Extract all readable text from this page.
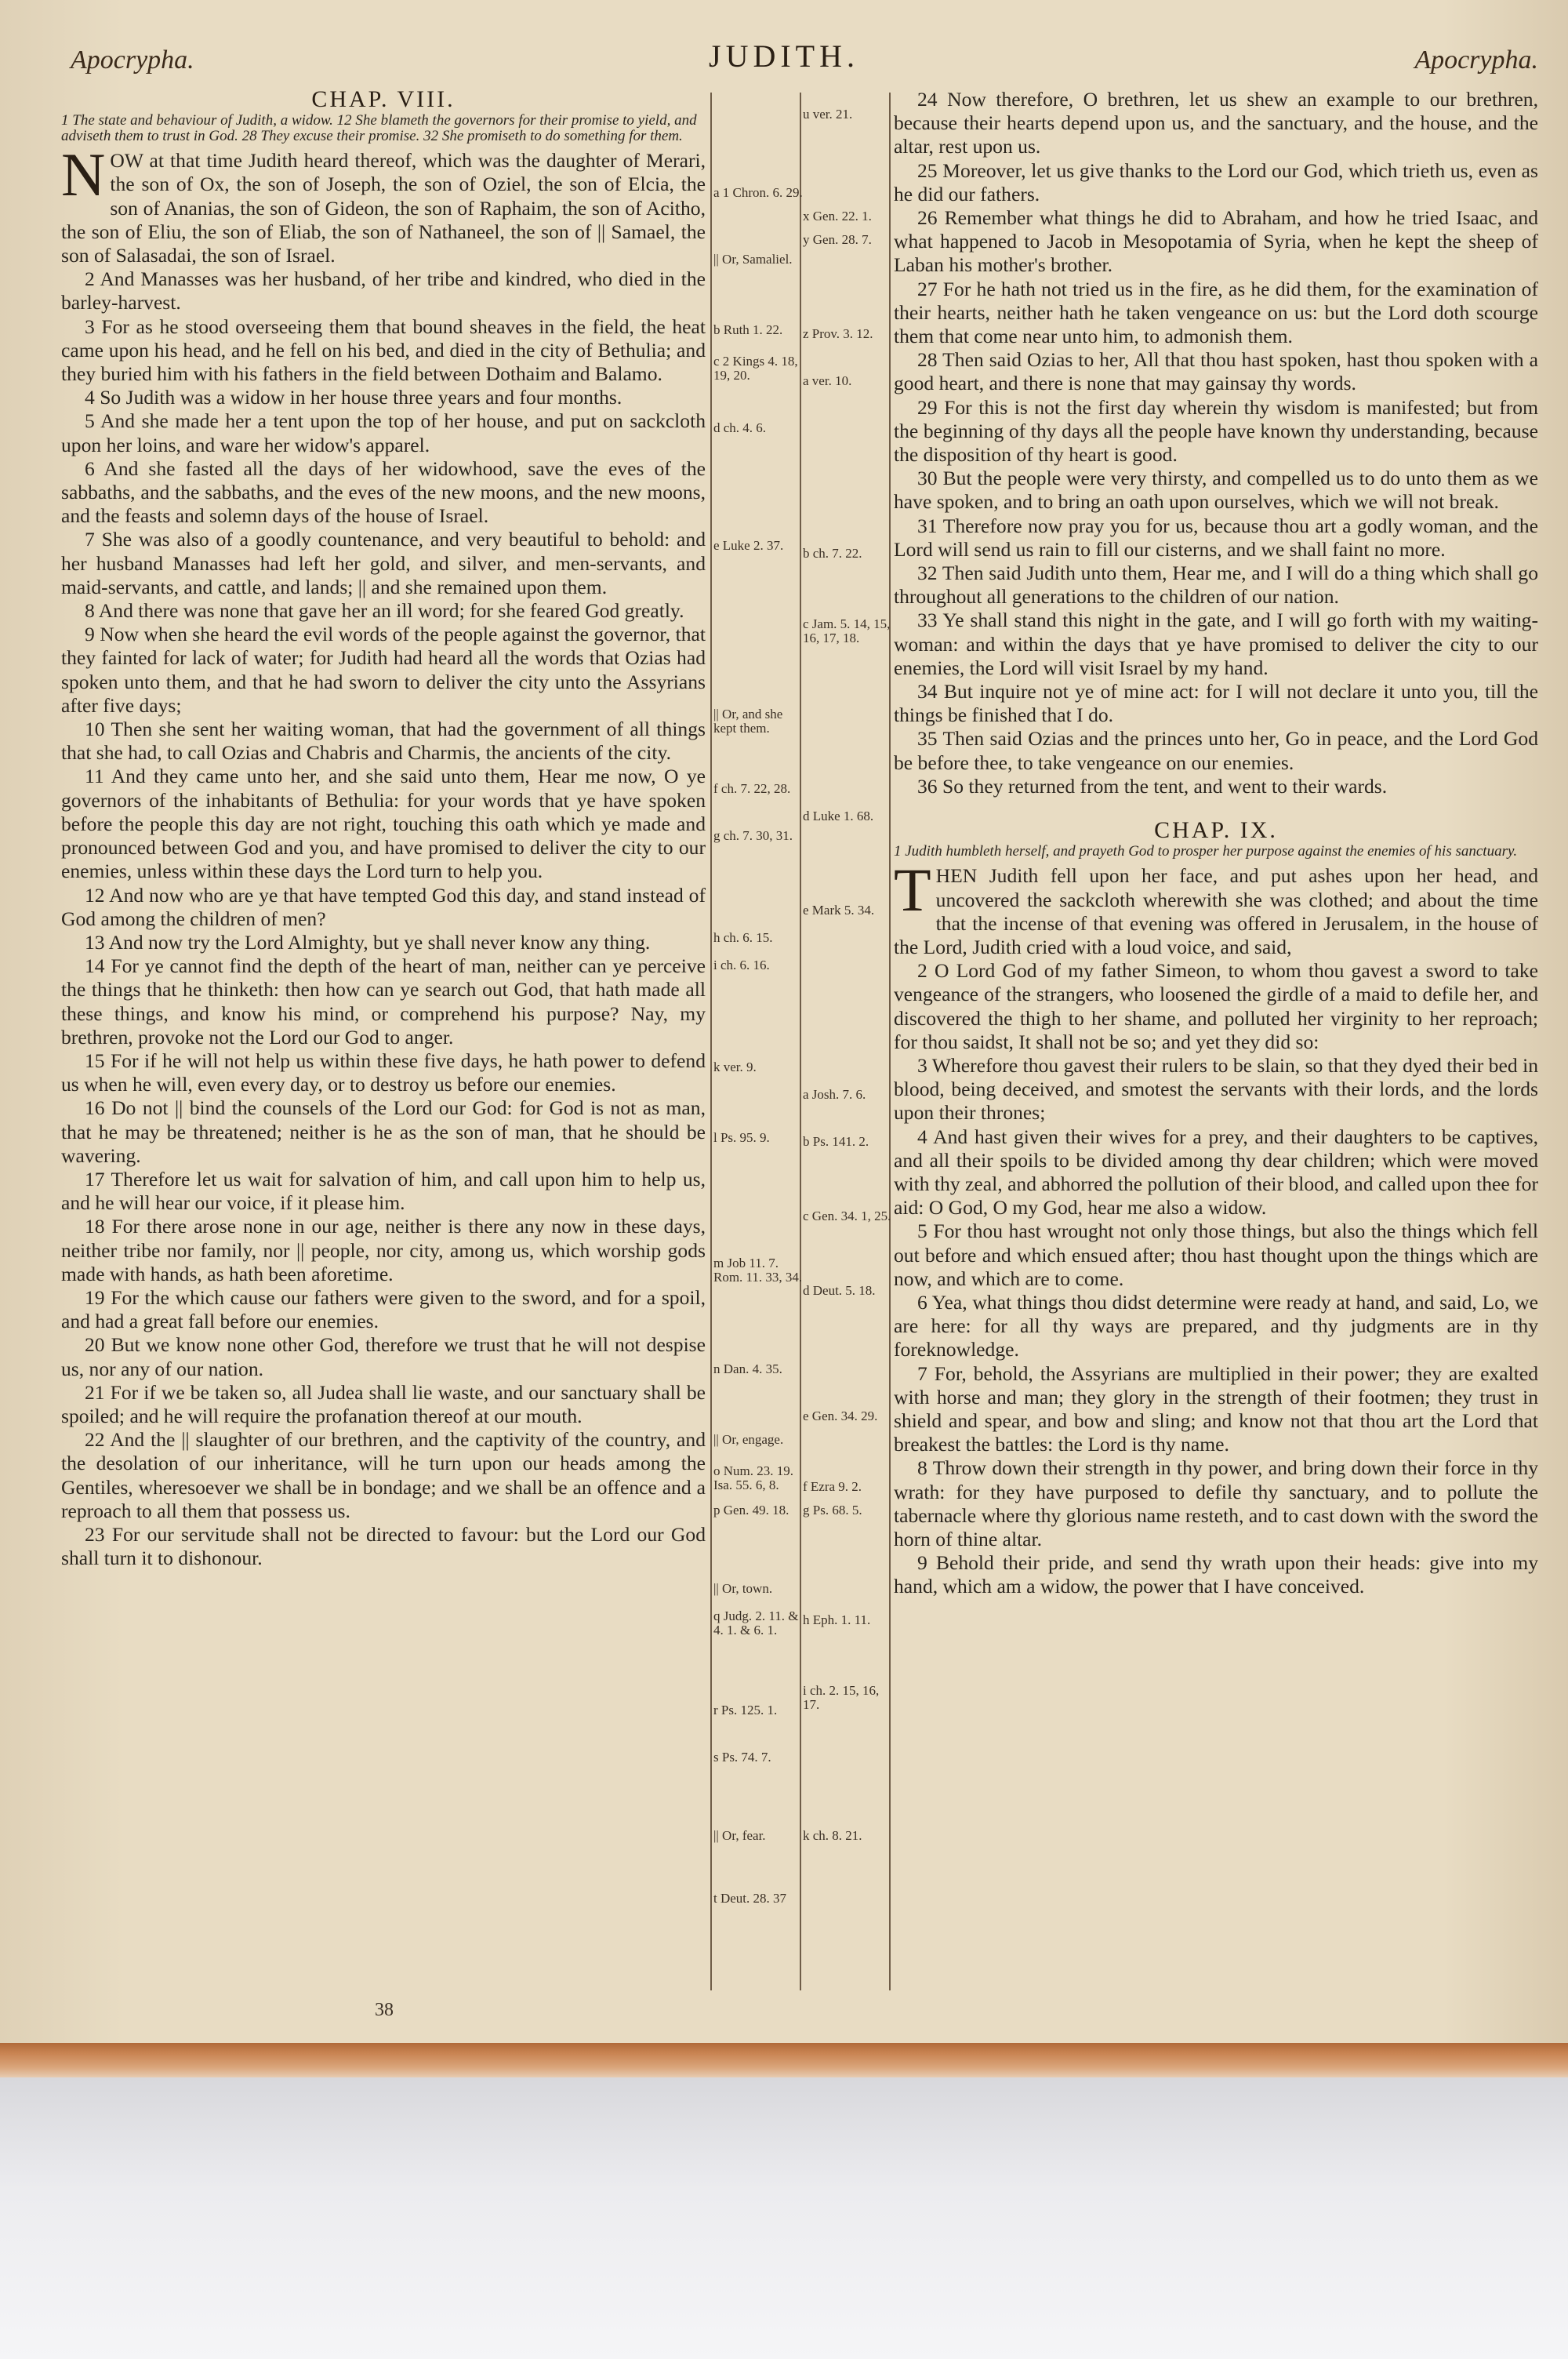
Apocrypha.	JUDITH.	Apocrypha.
CHAP. VIII.
1 The state and behaviour of Judith, a widow. 12 She blameth the governors for their promise to yield, and adviseth them to trust in God. 28 They excuse their promise. 32 She promiseth to do something for them.

NOW at that time Judith heard thereof, which was the daughter of Merari, the son of Ox, the son of Joseph, the son of Oziel, the son of Elcia, the son of Ananias, the son of Gideon, the son of Raphaim, the son of Acitho, the son of Eliu, the son of Eliab, the son of Nathaneel, the son of || Samael, the son of Salasadai, the son of Israel.

2 And Manasses was her husband, of her tribe and kindred, who died in the barley-harvest.

3 For as he stood overseeing them that bound sheaves in the field, the heat came upon his head, and he fell on his bed, and died in the city of Bethulia; and they buried him with his fathers in the field between Dothaim and Balamo.

4 So Judith was a widow in her house three years and four months.

5 And she made her a tent upon the top of her house, and put on sackcloth upon her loins, and ware her widow's apparel.

6 And she fasted all the days of her widowhood, save the eves of the sabbaths, and the sabbaths, and the eves of the new moons, and the new moons, and the feasts and solemn days of the house of Israel.

7 She was also of a goodly countenance, and very beautiful to behold: and her husband Manasses had left her gold, and silver, and men-servants, and maid-servants, and cattle, and lands; || and she remained upon them.

8 And there was none that gave her an ill word; for she feared God greatly.

9 Now when she heard the evil words of the people against the governor, that they fainted for lack of water; for Judith had heard all the words that Ozias had spoken unto them, and that he had sworn to deliver the city unto the Assyrians after five days;

10 Then she sent her waiting woman, that had the government of all things that she had, to call Ozias and Chabris and Charmis, the ancients of the city.

11 And they came unto her, and she said unto them, Hear me now, O ye governors of the inhabitants of Bethulia: for your words that ye have spoken before the people this day are not right, touching this oath which ye made and pronounced between God and you, and have promised to deliver the city to our enemies, unless within these days the Lord turn to help you.

12 And now who are ye that have tempted God this day, and stand instead of God among the children of men?

13 And now try the Lord Almighty, but ye shall never know any thing.

14 For ye cannot find the depth of the heart of man, neither can ye perceive the things that he thinketh: then how can ye search out God, that hath made all these things, and know his mind, or comprehend his purpose? Nay, my brethren, provoke not the Lord our God to anger.

15 For if he will not help us within these five days, he hath power to defend us when he will, even every day, or to destroy us before our enemies.

16 Do not || bind the counsels of the Lord our God: for God is not as man, that he may be threatened; neither is he as the son of man, that he should be wavering.

17 Therefore let us wait for salvation of him, and call upon him to help us, and he will hear our voice, if it please him.

18 For there arose none in our age, neither is there any now in these days, neither tribe nor family, nor || people, nor city, among us, which worship gods made with hands, as hath been aforetime.

19 For the which cause our fathers were given to the sword, and for a spoil, and had a great fall before our enemies.

20 But we know none other God, therefore we trust that he will not despise us, nor any of our nation.

21 For if we be taken so, all Judea shall lie waste, and our sanctuary shall be spoiled; and he will require the profanation thereof at our mouth.

22 And the || slaughter of our brethren, and the captivity of the country, and the desolation of our inheritance, will he turn upon our heads among the Gentiles, wheresoever we shall be in bondage; and we shall be an offence and a reproach to all them that possess us.

23 For our servitude shall not be directed to favour: but the Lord our God shall turn it to dishonour.

38
a 1 Chron. 6. 29.
|| Or, Samaliel.
b Ruth 1. 22.
c 2 Kings 4. 18, 19, 20.
d ch. 4. 6.
e Luke 2. 37.
|| Or, and she kept them.
f ch. 7. 22, 28.
g ch. 7. 30, 31.
h ch. 6. 15.
i ch. 6. 16.
k ver. 9.
l Ps. 95. 9.
m Job 11. 7. Rom. 11. 33, 34.
n Dan. 4. 35.
|| Or, engage.
o Num. 23. 19. Isa. 55. 6, 8.
p Gen. 49. 18.
|| Or, town.
q Judg. 2. 11. & 4. 1. & 6. 1.
r Ps. 125. 1.
s Ps. 74. 7.
|| Or, fear.
t Deut. 28. 37
u ver. 21.
x Gen. 22. 1.
y Gen. 28. 7.
z Prov. 3. 12.
a ver. 10.
b ch. 7. 22.
c Jam. 5. 14, 15, 16, 17, 18.
d Luke 1. 68.
e Mark 5. 34.
a Josh. 7. 6.
b Ps. 141. 2.
c Gen. 34. 1, 25.
d Deut. 5. 18.
e Gen. 34. 29.
f Ezra 9. 2.
g Ps. 68. 5.
h Eph. 1. 11.
i ch. 2. 15, 16, 17.
k ch. 8. 21.

24 Now therefore, O brethren, let us shew an example to our brethren, because their hearts depend upon us, and the sanctuary, and the house, and the altar, rest upon us.

25 Moreover, let us give thanks to the Lord our God, which trieth us, even as he did our fathers.

26 Remember what things he did to Abraham, and how he tried Isaac, and what happened to Jacob in Mesopotamia of Syria, when he kept the sheep of Laban his mother's brother.

27 For he hath not tried us in the fire, as he did them, for the examination of their hearts, neither hath he taken vengeance on us: but the Lord doth scourge them that come near unto him, to admonish them.

28 Then said Ozias to her, All that thou hast spoken, hast thou spoken with a good heart, and there is none that may gainsay thy words.

29 For this is not the first day wherein thy wisdom is manifested; but from the beginning of thy days all the people have known thy understanding, because the disposition of thy heart is good.

30 But the people were very thirsty, and compelled us to do unto them as we have spoken, and to bring an oath upon ourselves, which we will not break.

31 Therefore now pray you for us, because thou art a godly woman, and the Lord will send us rain to fill our cisterns, and we shall faint no more.

32 Then said Judith unto them, Hear me, and I will do a thing which shall go throughout all generations to the children of our nation.

33 Ye shall stand this night in the gate, and I will go forth with my waiting-woman: and within the days that ye have promised to deliver the city to our enemies, the Lord will visit Israel by my hand.

34 But inquire not ye of mine act: for I will not declare it unto you, till the things be finished that I do.

35 Then said Ozias and the princes unto her, Go in peace, and the Lord God be before thee, to take vengeance on our enemies.

36 So they returned from the tent, and went to their wards.

CHAP. IX.
1 Judith humbleth herself, and prayeth God to prosper her purpose against the enemies of his sanctuary.

THEN Judith fell upon her face, and put ashes upon her head, and uncovered the sackcloth wherewith she was clothed; and about the time that the incense of that evening was offered in Jerusalem, in the house of the Lord, Judith cried with a loud voice, and said,

2 O Lord God of my father Simeon, to whom thou gavest a sword to take vengeance of the strangers, who loosened the girdle of a maid to defile her, and discovered the thigh to her shame, and polluted her virginity to her reproach; for thou saidst, It shall not be so; and yet they did so:

3 Wherefore thou gavest their rulers to be slain, so that they dyed their bed in blood, being deceived, and smotest the servants with their lords, and the lords upon their thrones;

4 And hast given their wives for a prey, and their daughters to be captives, and all their spoils to be divided among thy dear children; which were moved with thy zeal, and abhorred the pollution of their blood, and called upon thee for aid: O God, O my God, hear me also a widow.

5 For thou hast wrought not only those things, but also the things which fell out before and which ensued after; thou hast thought upon the things which are now, and which are to come.

6 Yea, what things thou didst determine were ready at hand, and said, Lo, we are here: for all thy ways are prepared, and thy judgments are in thy foreknowledge.

7 For, behold, the Assyrians are multiplied in their power; they are exalted with horse and man; they glory in the strength of their footmen; they trust in shield and spear, and bow and sling; and know not that thou art the Lord that breakest the battles: the Lord is thy name.

8 Throw down their strength in thy power, and bring down their force in thy wrath: for they have purposed to defile thy sanctuary, and to pollute the tabernacle where thy glorious name resteth, and to cast down with the sword the horn of thine altar.

9 Behold their pride, and send thy wrath upon their heads: give into my hand, which am a widow, the power that I have conceived.
